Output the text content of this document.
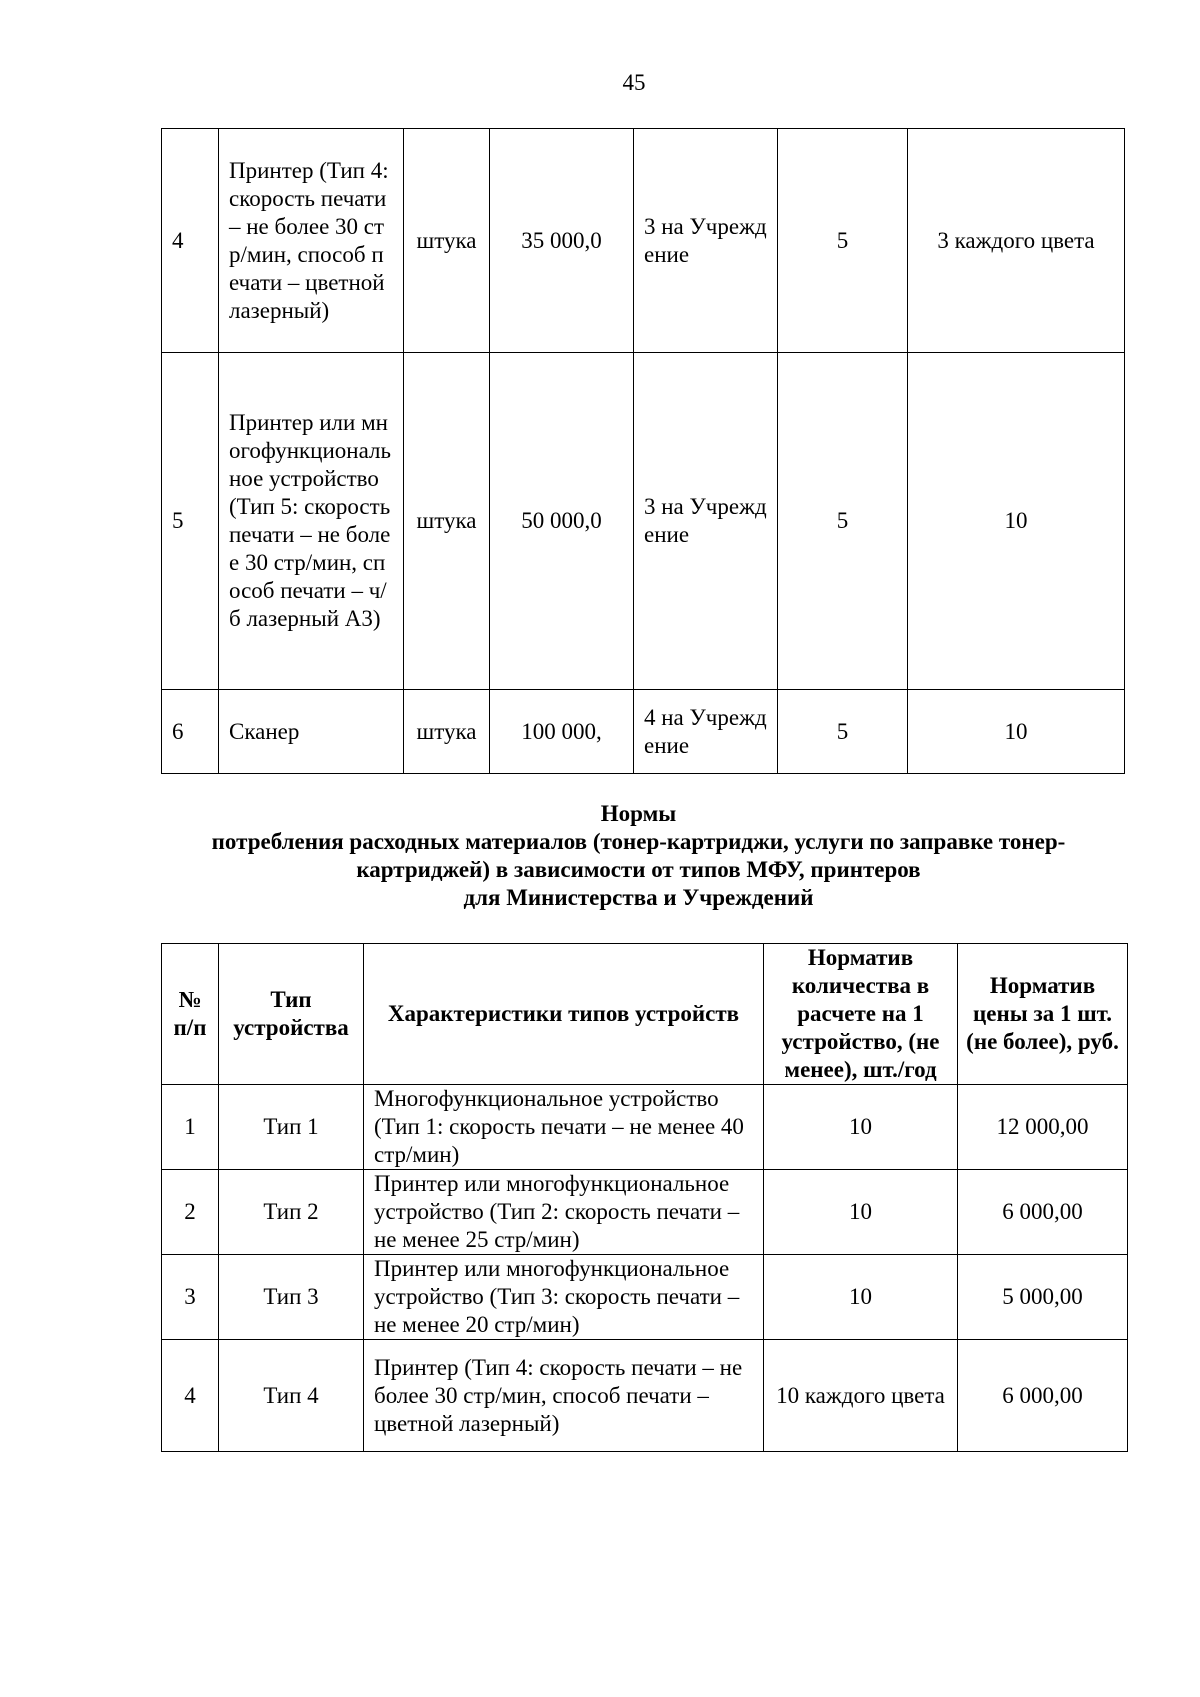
45
4	Принтер (Тип 4: скорость печати – не более 30 стр/мин, способ печати – цветной лазерный)	штука	35 000,0	3 на Учреждение	5	3 каждого цвета
5	Принтер или многофункциональное устройство (Тип 5: скорость печати – не более 30 стр/мин, способ печати – ч/б лазерный А3)	штука	50 000,0	3 на Учреждение	5	10
6	Сканер	штука	100 000,	4 на Учреждение	5	10
Нормы
потребления расходных материалов (тонер-картриджи, услуги по заправке тонер-
картриджей) в зависимости от типов МФУ, принтеров
для Министерства и Учреждений
№ п/п	Тип устройства	Характеристики типов устройств	Норматив количества в расчете на 1 устройство, (не менее), шт./год	Норматив цены за 1 шт. (не более), руб.
1	Тип 1	Многофункциональное устройство (Тип 1: скорость печати – не менее 40 стр/мин)	10	12 000,00
2	Тип 2	Принтер или многофункциональное устройство (Тип 2: скорость печати – не менее 25 стр/мин)	10	6 000,00
3	Тип 3	Принтер или многофункциональное устройство (Тип 3: скорость печати – не менее 20 стр/мин)	10	5 000,00
4	Тип 4	Принтер (Тип 4: скорость печати – не более 30 стр/мин, способ печати – цветной лазерный)	10 каждого цвета	6 000,00
